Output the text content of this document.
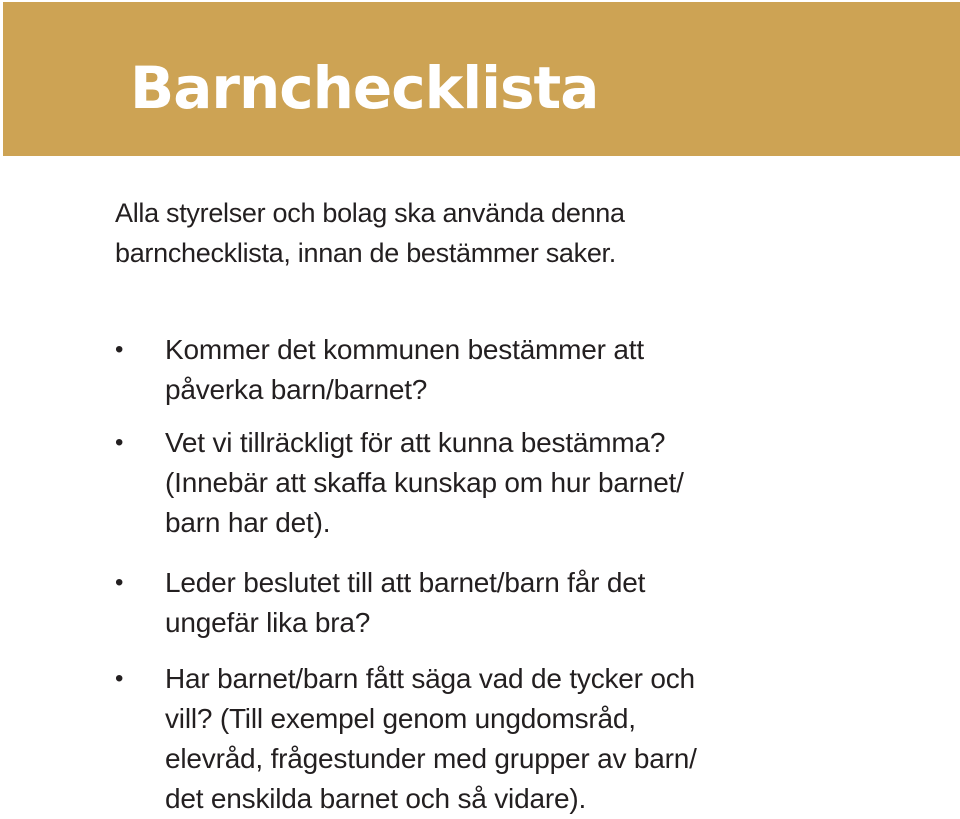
Barnchecklista

Alla styrelser och bolag ska använda denna
barnchecklista, innan de bestämmer saker.

• Kommer det kommunen bestämmer att
påverka barn/barnet?
• Vet vi tillräckligt för att kunna bestämma?
(Innebär att skaffa kunskap om hur barnet/
barn har det).
• Leder beslutet till att barnet/barn får det
ungefär lika bra?
• Har barnet/barn fått säga vad de tycker och
vill? (Till exempel genom ungdomsråd,
elevråd, frågestunder med grupper av barn/
det enskilda barnet och så vidare).
